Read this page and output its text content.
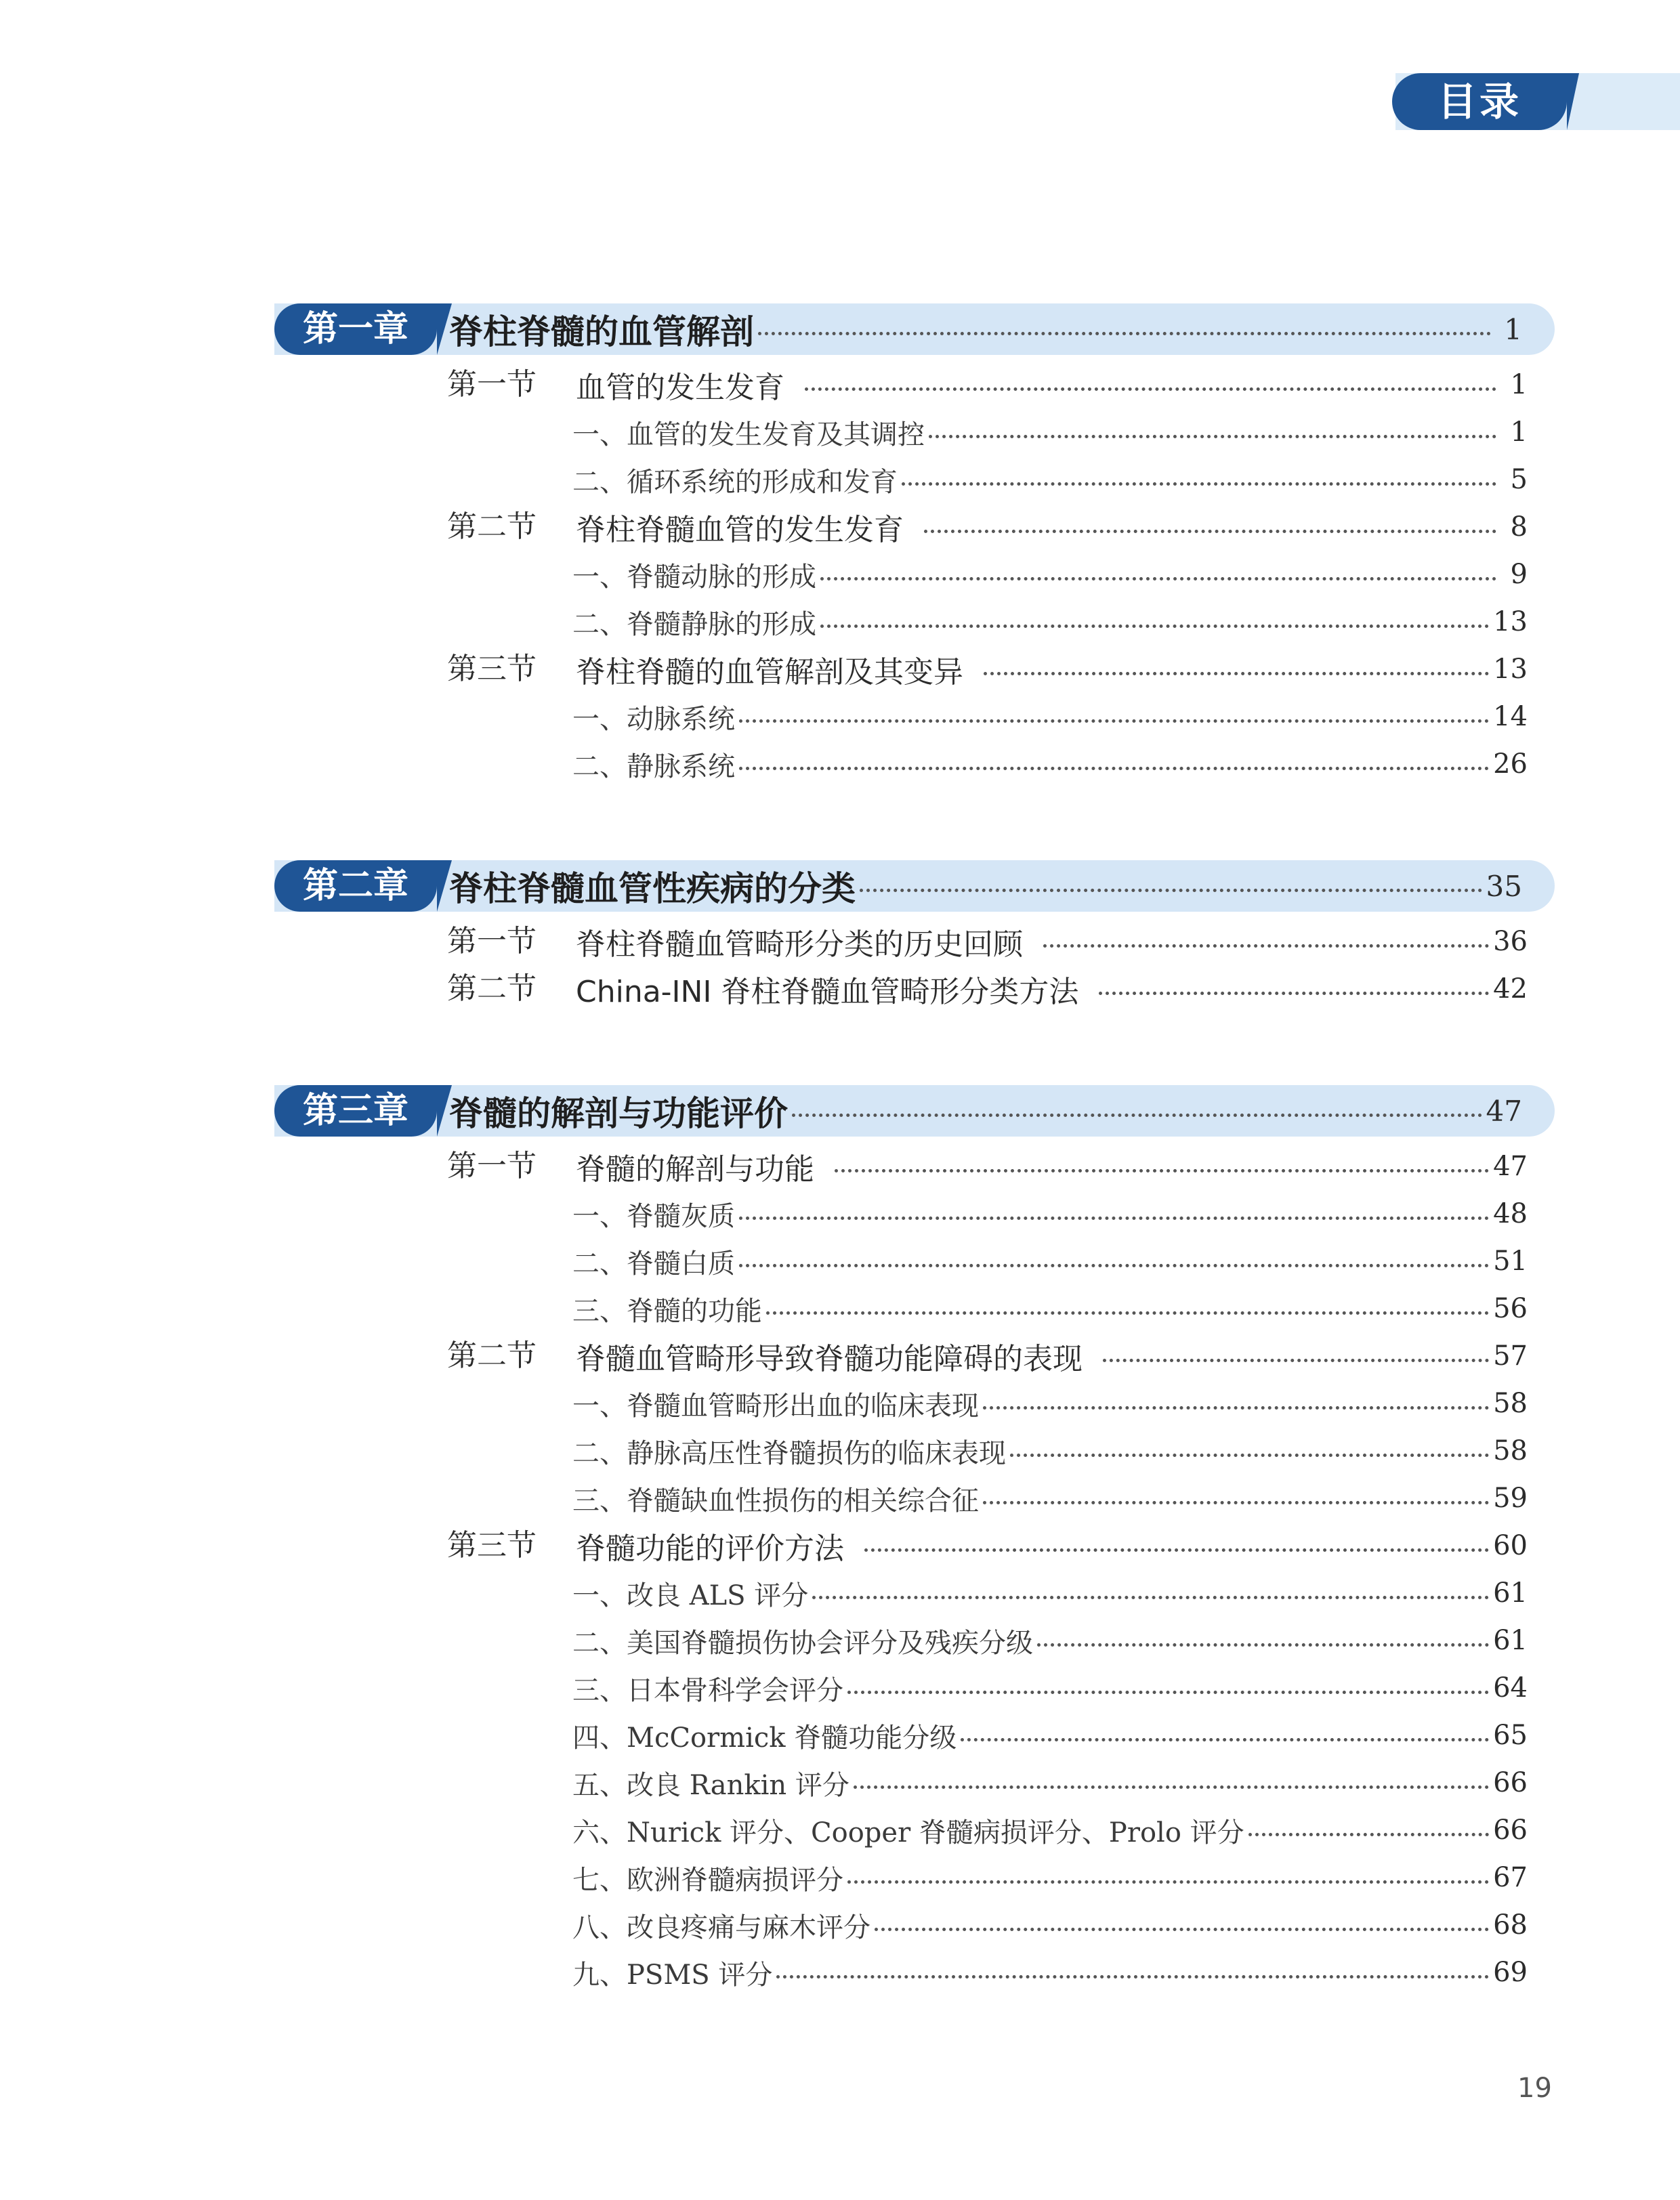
目录
第一章	脊柱脊髓的血管解剖	1
第一节 血管的发生发育	1
一、血管的发生发育及其调控	1
二、循环系统的形成和发育	5
第二节 脊柱脊髓血管的发生发育	8
一、脊髓动脉的形成	9
二、脊髓静脉的形成	13
第三节 脊柱脊髓的血管解剖及其变异	13
一、动脉系统	14
二、静脉系统	26
第二章	脊柱脊髓血管性疾病的分类	35
第一节 脊柱脊髓血管畸形分类的历史回顾	36
第二节 China-INI 脊柱脊髓血管畸形分类方法	42
第三章	脊髓的解剖与功能评价	47
第一节 脊髓的解剖与功能	47
一、脊髓灰质	48
二、脊髓白质	51
三、脊髓的功能	56
第二节 脊髓血管畸形导致脊髓功能障碍的表现	57
一、脊髓血管畸形出血的临床表现	58
二、静脉高压性脊髓损伤的临床表现	58
三、脊髓缺血性损伤的相关综合征	59
第三节 脊髓功能的评价方法	60
一、改良 ALS 评分	61
二、美国脊髓损伤协会评分及残疾分级	61
三、日本骨科学会评分	64
四、McCormick 脊髓功能分级	65
五、改良 Rankin 评分	66
六、Nurick 评分、Cooper 脊髓病损评分、Prolo 评分	66
七、欧洲脊髓病损评分	67
八、改良疼痛与麻木评分	68
九、PSMS 评分	69
19
